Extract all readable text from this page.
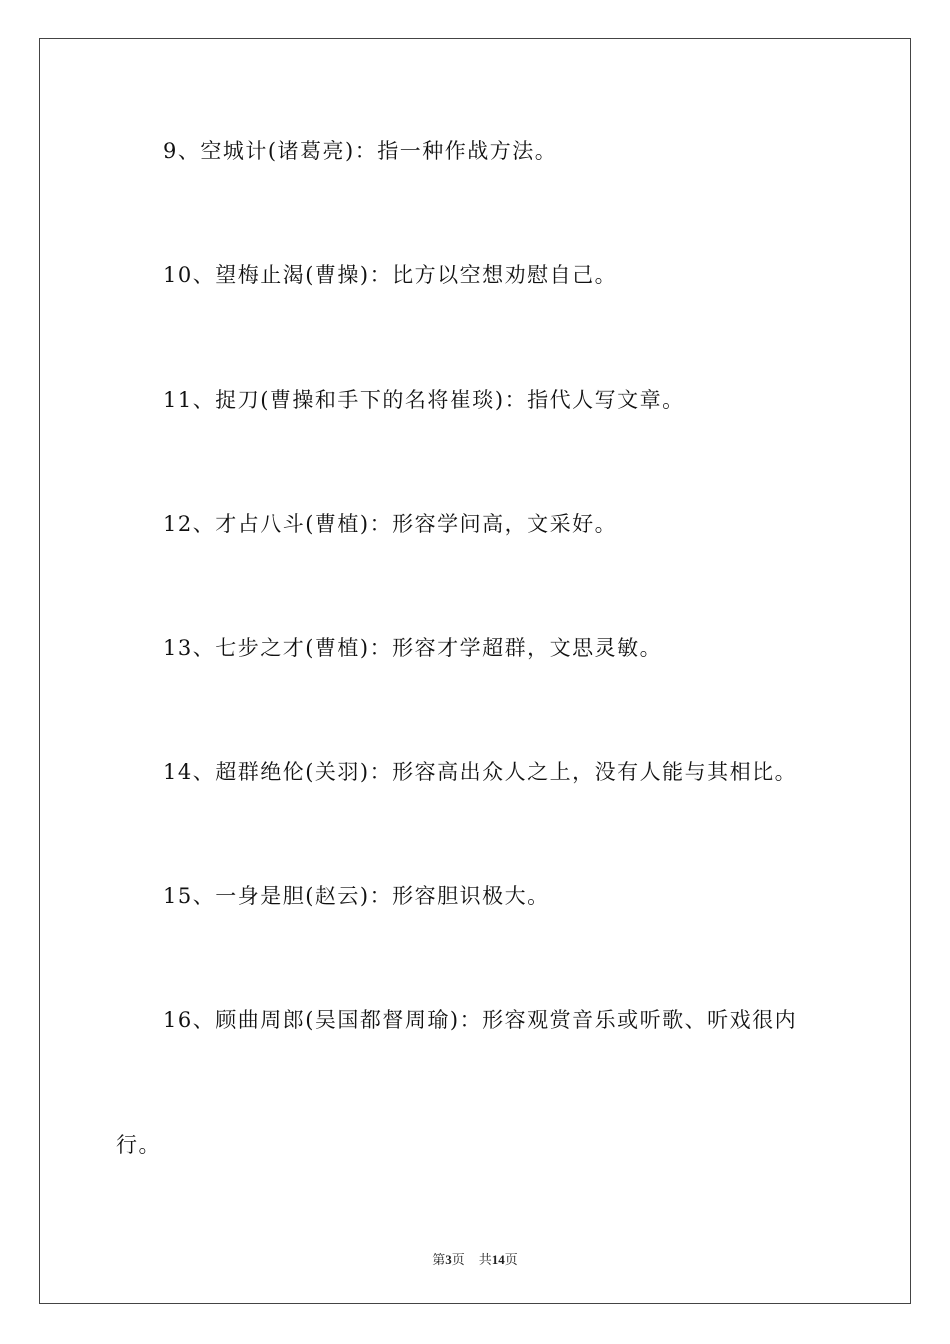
9、空城计(诸葛亮)：指一种作战方法。
10、望梅止渴(曹操)：比方以空想劝慰自己。
11、捉刀(曹操和手下的名将崔琰)：指代人写文章。
12、才占八斗(曹植)：形容学问高，文采好。
13、七步之才(曹植)：形容才学超群，文思灵敏。
14、超群绝伦(关羽)：形容高出众人之上，没有人能与其相比。
15、一身是胆(赵云)：形容胆识极大。
16、顾曲周郎(吴国都督周瑜)：形容观赏音乐或听歌、听戏很内
行。
第3页 共14页
